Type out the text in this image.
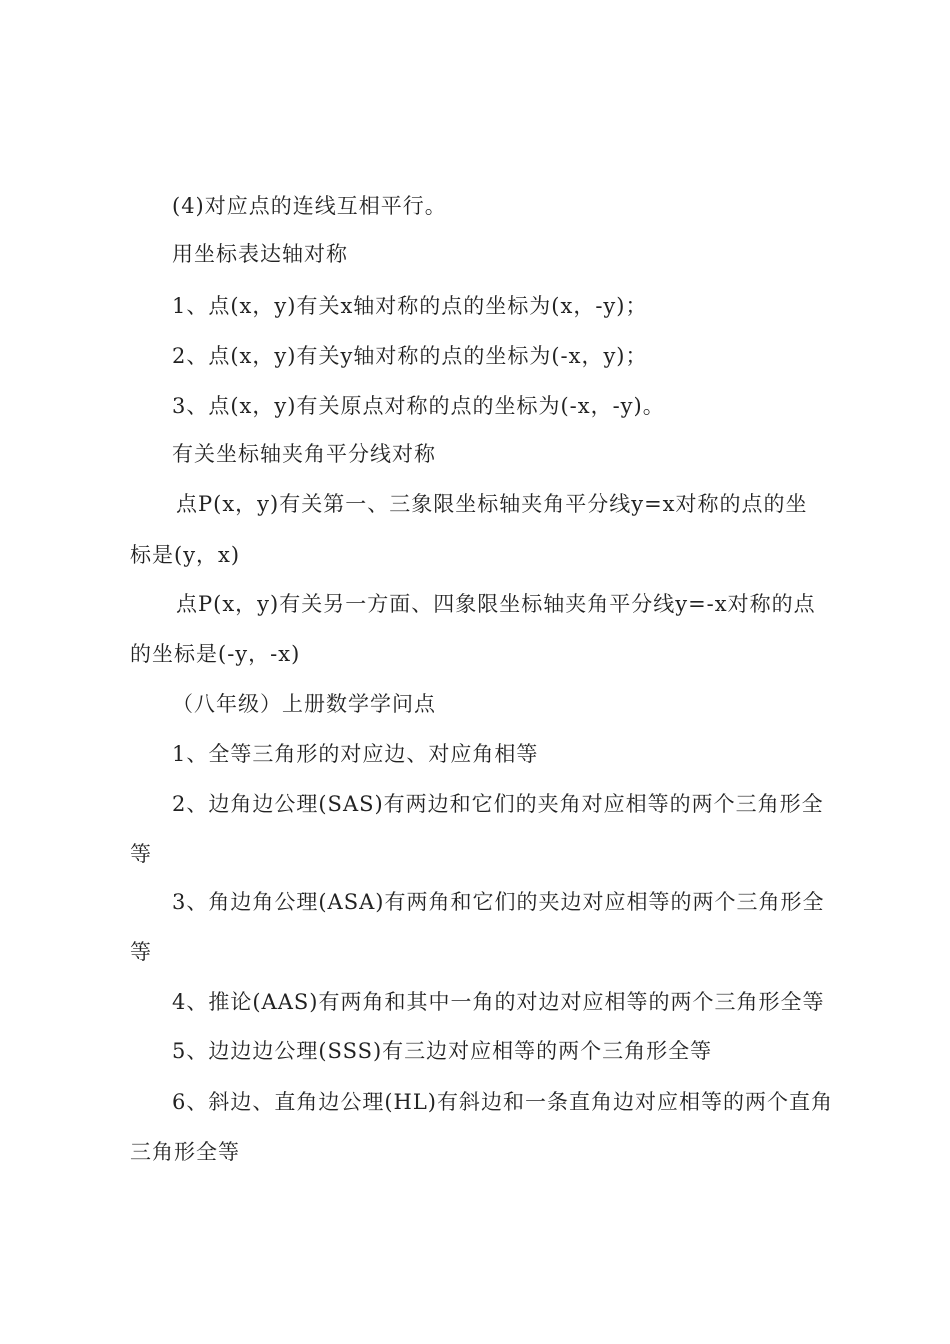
(4)对应点的连线互相平行。
用坐标表达轴对称
1、点(x，y)有关x轴对称的点的坐标为(x，-y)；
2、点(x，y)有关y轴对称的点的坐标为(-x，y)；
3、点(x，y)有关原点对称的点的坐标为(-x，-y)。
有关坐标轴夹角平分线对称
点P(x，y)有关第一、三象限坐标轴夹角平分线y=x对称的点的坐
标是(y，x)
点P(x，y)有关另一方面、四象限坐标轴夹角平分线y=-x对称的点
的坐标是(-y，-x)
（八年级）上册数学学问点
1、全等三角形的对应边、对应角相等
2、边角边公理(SAS)有两边和它们的夹角对应相等的两个三角形全
等
3、角边角公理(ASA)有两角和它们的夹边对应相等的两个三角形全
等
4、推论(AAS)有两角和其中一角的对边对应相等的两个三角形全等
5、边边边公理(SSS)有三边对应相等的两个三角形全等
6、斜边、直角边公理(HL)有斜边和一条直角边对应相等的两个直角
三角形全等
